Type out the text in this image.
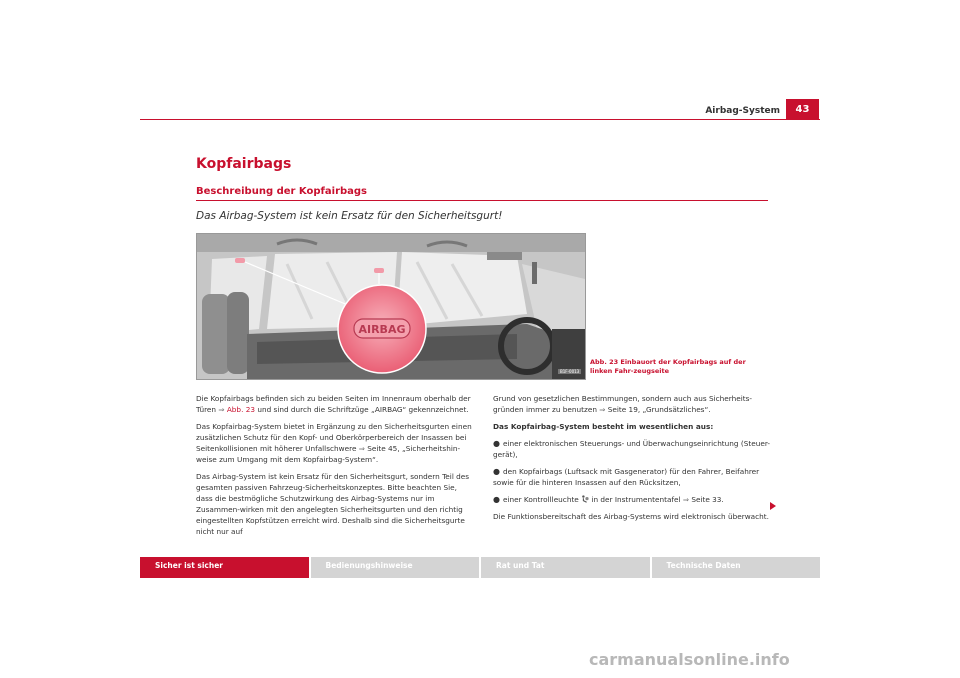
Airbag-System	43
Kopfairbags
Beschreibung der Kopfairbags
Das Airbag-System ist kein Ersatz für den Sicherheitsgurt!
AIRBAG
B1F-0013
Abb. 23 Einbauort der Kopfairbags auf der linken Fahr-zeugseite

Die Kopfairbags befinden sich zu beiden Seiten im Innenraum oberhalb der Türen ⇒ Abb. 23 und sind durch die Schriftzüge „AIRBAG“ gekennzeichnet.

Das Kopfairbag-System bietet in Ergänzung zu den Sicherheitsgurten einen zusätzlichen Schutz für den Kopf- und Oberkörperbereich der Insassen bei Seitenkollisionen mit höherer Unfallschwere ⇒ Seite 45, „Sicherheitshin-weise zum Umgang mit dem Kopfairbag-System“.

Das Airbag-System ist kein Ersatz für den Sicherheitsgurt, sondern Teil des gesamten passiven Fahrzeug-Sicherheitskonzeptes. Bitte beachten Sie, dass die bestmögliche Schutzwirkung des Airbag-Systems nur im Zusammen-wirken mit den angelegten Sicherheitsgurten und den richtig eingestellten Kopfstützen erreicht wird. Deshalb sind die Sicherheitsgurte nicht nur auf

Grund von gesetzlichen Bestimmungen, sondern auch aus Sicherheits-gründen immer zu benutzen ⇒ Seite 19, „Grundsätzliches“.

Das Kopfairbag-System besteht im wesentlichen aus:

● einer elektronischen Steuerungs- und Überwachungseinrichtung (Steuer-gerät),

● den Kopfairbags (Luftsack mit Gasgenerator) für den Fahrer, Beifahrer sowie für die hinteren Insassen auf den Rücksitzen,

● einer Kontrollleuchte  in der Instrumententafel ⇒ Seite 33.

Die Funktionsbereitschaft des Airbag-Systems wird elektronisch überwacht.

Sicher ist sicher	Bedienungshinweise	Rat und Tat	Technische Daten
carmanualsonline.info
